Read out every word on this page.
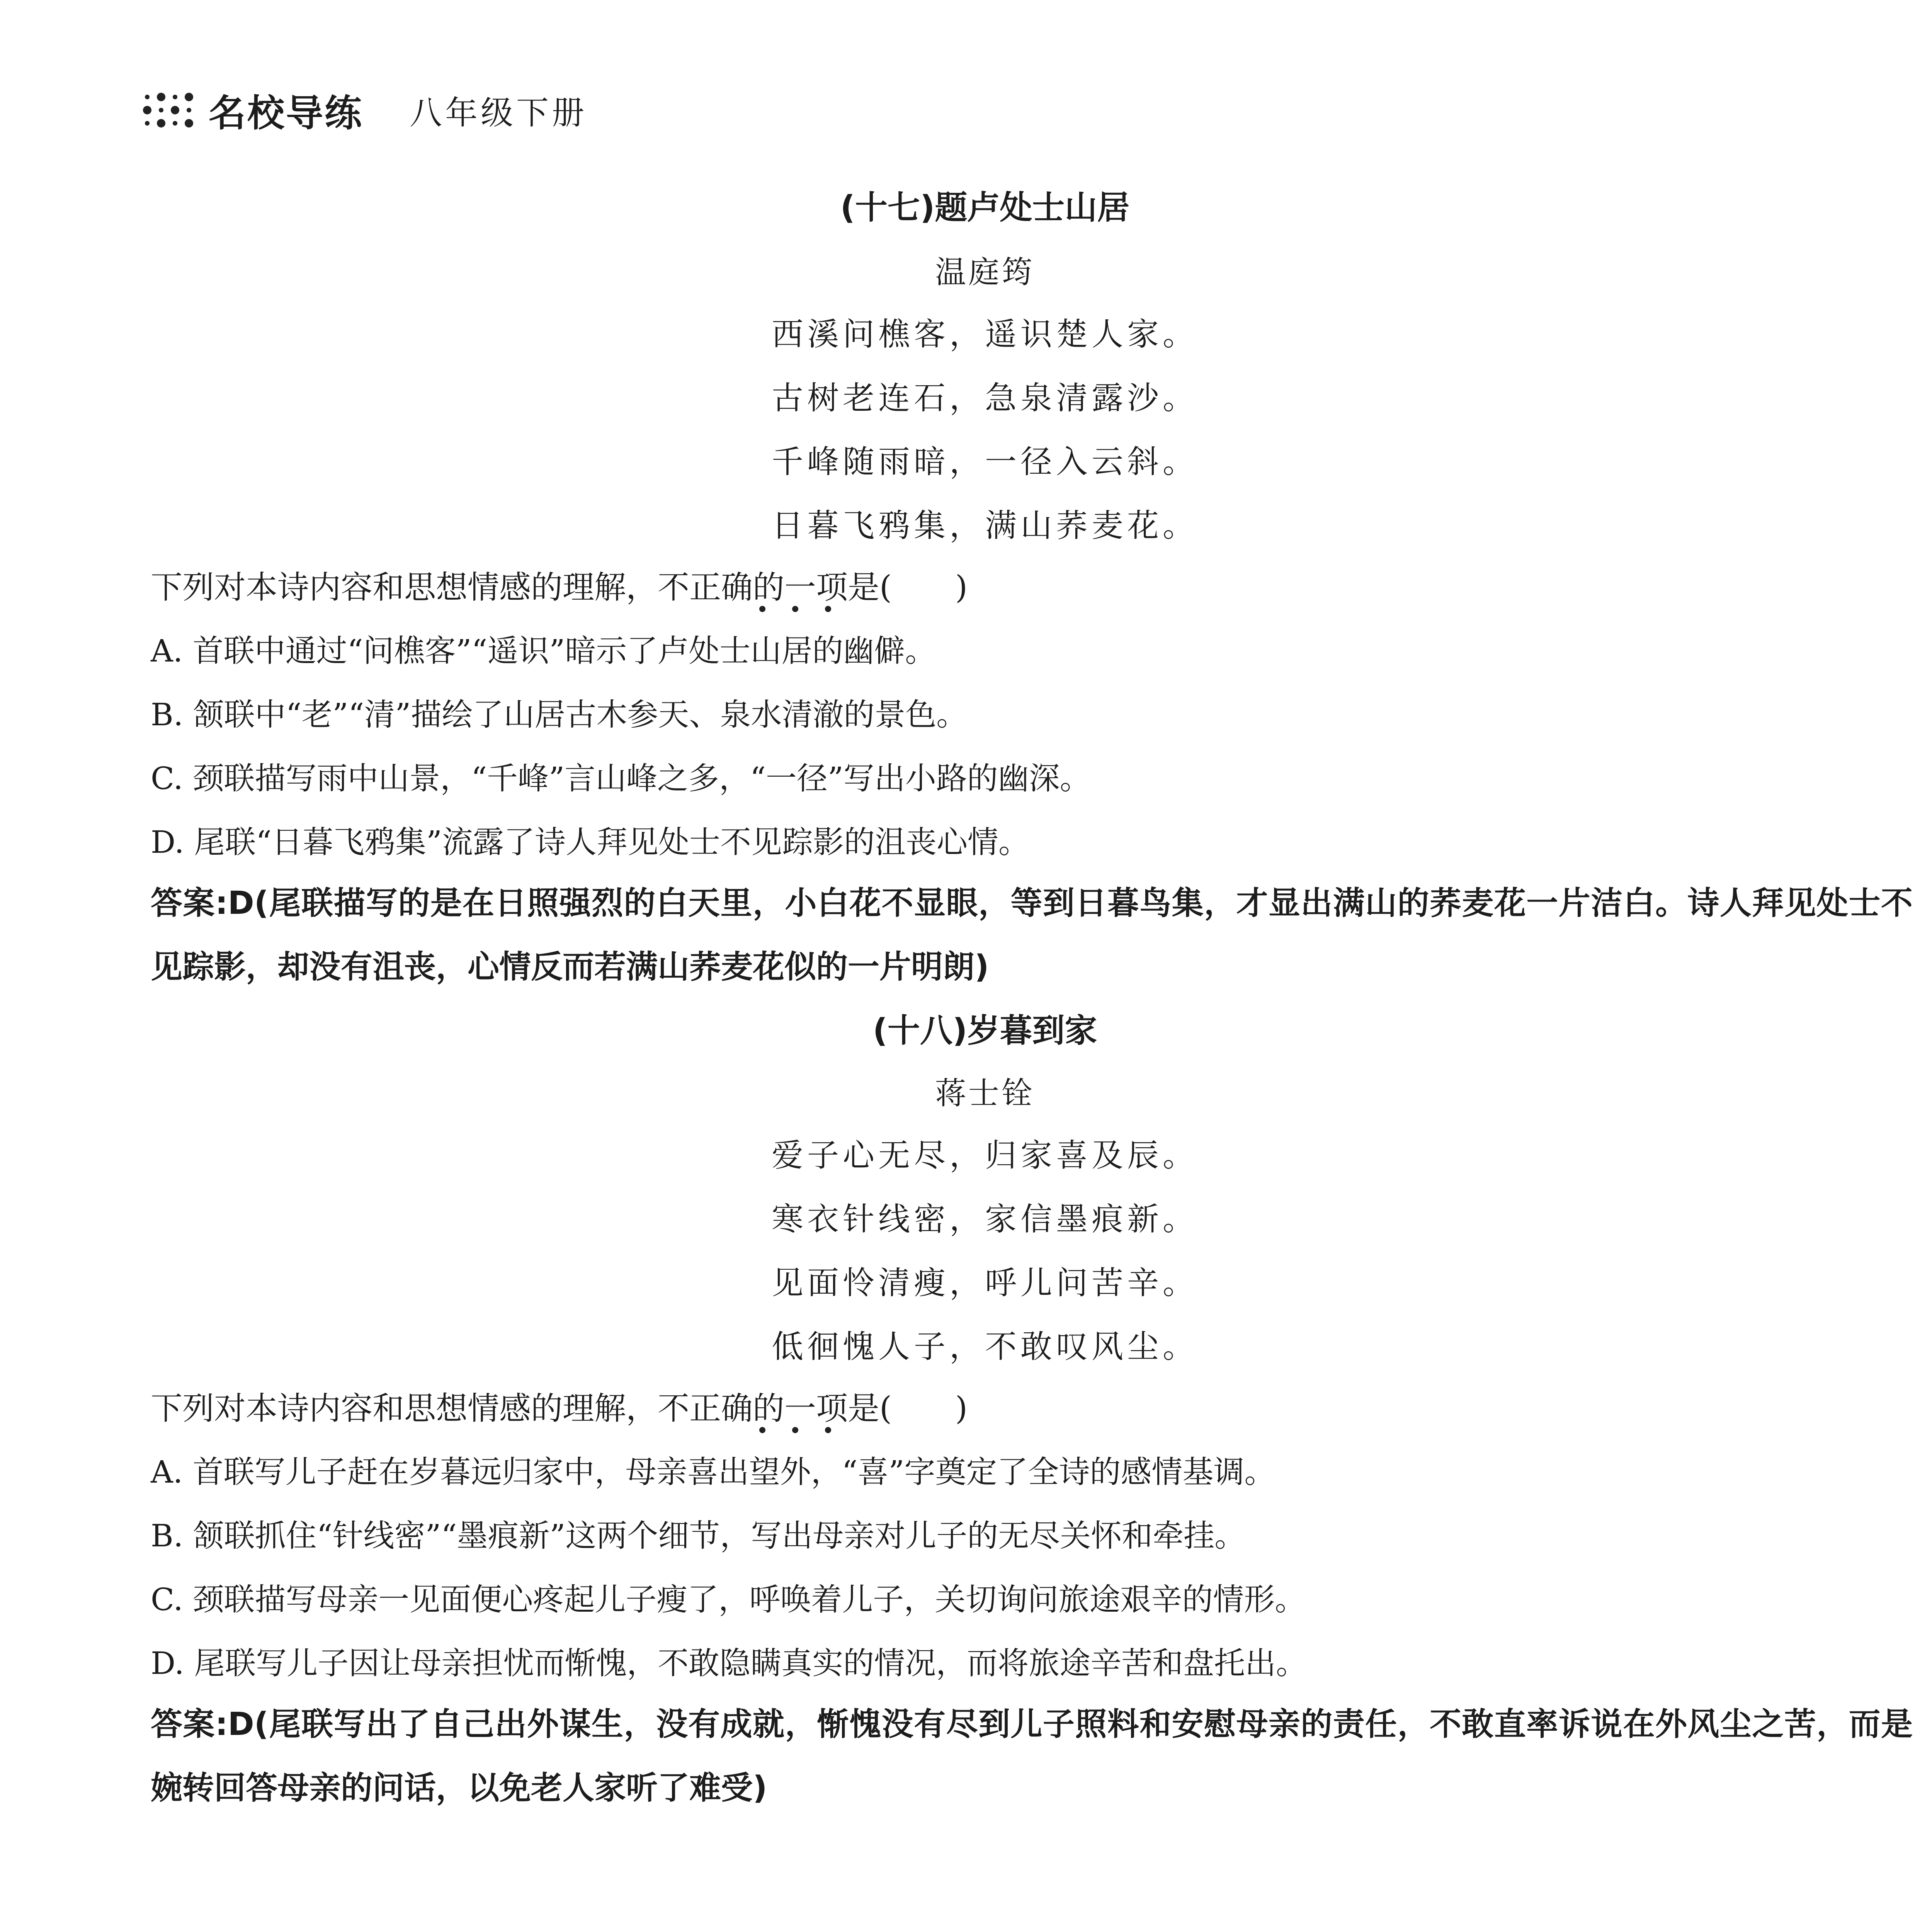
名校导练 八年级下册
(十七)题卢处士山居
温庭筠
西溪问樵客，遥识楚人家。
古树老连石，急泉清露沙。
千峰随雨暗，一径入云斜。
日暮飞鸦集，满山荞麦花。
下列对本诗内容和思想情感的理解，不正确的一项是(　　)
A. 首联中通过“问樵客”“遥识”暗示了卢处士山居的幽僻。
B. 颔联中“老”“清”描绘了山居古木参天、泉水清澈的景色。
C. 颈联描写雨中山景，“千峰”言山峰之多，“一径”写出小路的幽深。
D. 尾联“日暮飞鸦集”流露了诗人拜见处士不见踪影的沮丧心情。
答案:D(尾联描写的是在日照强烈的白天里，小白花不显眼，等到日暮鸟集，才显出满山的荞麦花一片洁白。诗人拜见处士不见踪影，却没有沮丧，心情反而若满山荞麦花似的一片明朗)
(十八)岁暮到家
蒋士铨
爱子心无尽，归家喜及辰。
寒衣针线密，家信墨痕新。
见面怜清瘦，呼儿问苦辛。
低徊愧人子，不敢叹风尘。
下列对本诗内容和思想情感的理解，不正确的一项是(　　)
A. 首联写儿子赶在岁暮远归家中，母亲喜出望外，“喜”字奠定了全诗的感情基调。
B. 颔联抓住“针线密”“墨痕新”这两个细节，写出母亲对儿子的无尽关怀和牵挂。
C. 颈联描写母亲一见面便心疼起儿子瘦了，呼唤着儿子，关切询问旅途艰辛的情形。
D. 尾联写儿子因让母亲担忧而惭愧，不敢隐瞒真实的情况，而将旅途辛苦和盘托出。
答案:D(尾联写出了自己出外谋生，没有成就，惭愧没有尽到儿子照料和安慰母亲的责任，不敢直率诉说在外风尘之苦，而是婉转回答母亲的问话，以免老人家听了难受)
